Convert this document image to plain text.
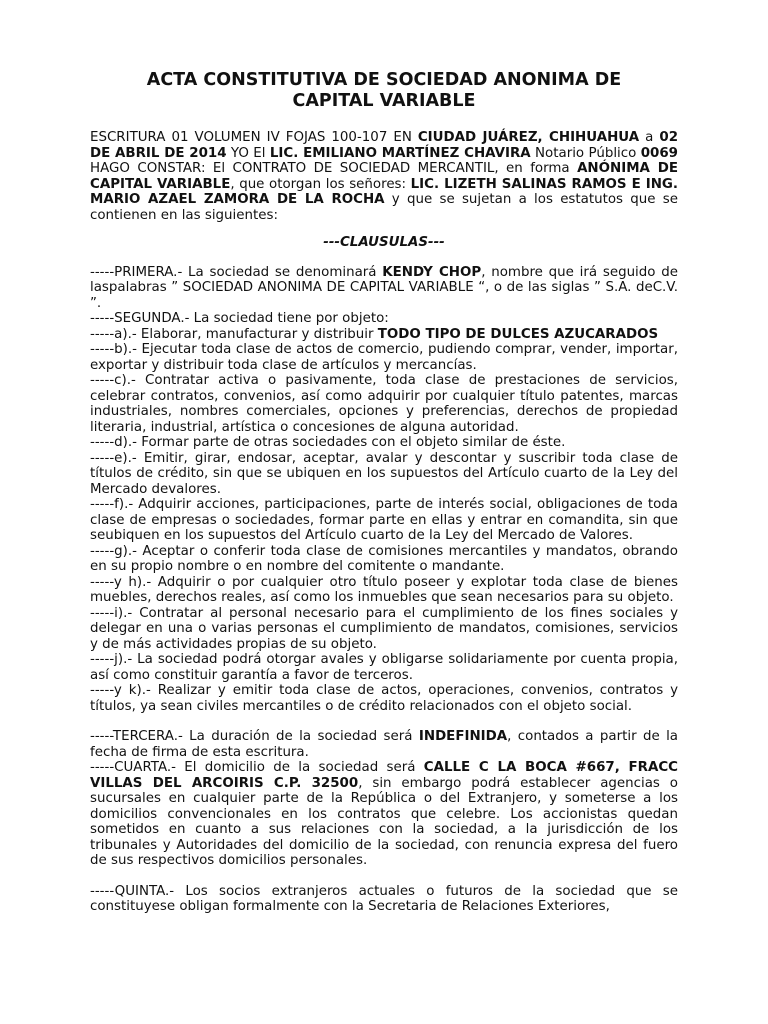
ACTA CONSTITUTIVA DE SOCIEDAD ANONIMA DE
CAPITAL VARIABLE

ESCRITURA 01 VOLUMEN IV FOJAS 100-107 EN CIUDAD JUÁREZ, CHIHUAHUA a 02 DE ABRIL DE 2014 YO El LIC. EMILIANO MARTÍNEZ CHAVIRA Notario Público 0069 HAGO CONSTAR: El CONTRATO DE SOCIEDAD MERCANTIL, en forma ANÓNIMA DE CAPITAL VARIABLE, que otorgan los señores: LIC. LIZETH SALINAS RAMOS E ING. MARIO AZAEL ZAMORA DE LA ROCHA y que se sujetan a los estatutos que se contienen en las siguientes:

---CLAUSULAS---

-----PRIMERA.- La sociedad se denominará KENDY CHOP, nombre que irá seguido de laspalabras ” SOCIEDAD ANONIMA DE CAPITAL VARIABLE “, o de las siglas ” S.A. deC.V. ”.

-----SEGUNDA.- La sociedad tiene por objeto:

-----a).- Elaborar, manufacturar y distribuir TODO TIPO DE DULCES AZUCARADOS

-----b).- Ejecutar toda clase de actos de comercio, pudiendo comprar, vender, importar, exportar y distribuir toda clase de artículos y mercancías.

-----c).- Contratar activa o pasivamente, toda clase de prestaciones de servicios, celebrar contratos, convenios, así como adquirir por cualquier título patentes, marcas industriales, nombres comerciales, opciones y preferencias, derechos de propiedad literaria, industrial, artística o concesiones de alguna autoridad.

-----d).- Formar parte de otras sociedades con el objeto similar de éste.

-----e).- Emitir, girar, endosar, aceptar, avalar y descontar y suscribir toda clase de títulos de crédito, sin que se ubiquen en los supuestos del Artículo cuarto de la Ley del Mercado devalores.

-----f).- Adquirir acciones, participaciones, parte de interés social, obligaciones de toda clase de empresas o sociedades, formar parte en ellas y entrar en comandita, sin que seubiquen en los supuestos del Artículo cuarto de la Ley del Mercado de Valores.

-----g).- Aceptar o conferir toda clase de comisiones mercantiles y mandatos, obrando en su propio nombre o en nombre del comitente o mandante.

-----y h).- Adquirir o por cualquier otro título poseer y explotar toda clase de bienes muebles, derechos reales, así como los inmuebles que sean necesarios para su objeto.

-----i).- Contratar al personal necesario para el cumplimiento de los fines sociales y delegar en una o varias personas el cumplimiento de mandatos, comisiones, servicios y de más actividades propias de su objeto.

-----j).- La sociedad podrá otorgar avales y obligarse solidariamente por cuenta propia, así como constituir garantía a favor de terceros.

-----y k).- Realizar y emitir toda clase de actos, operaciones, convenios, contratos y títulos, ya sean civiles mercantiles o de crédito relacionados con el objeto social.

-----TERCERA.- La duración de la sociedad será INDEFINIDA, contados a partir de la fecha de firma de esta escritura.

-----CUARTA.- El domicilio de la sociedad será CALLE C LA BOCA #667, FRACC VILLAS DEL ARCOIRIS C.P. 32500, sin embargo podrá establecer agencias o sucursales en cualquier parte de la República o del Extranjero, y someterse a los domicilios convencionales en los contratos que celebre. Los accionistas quedan sometidos en cuanto a sus relaciones con la sociedad, a la jurisdicción de los tribunales y Autoridades del domicilio de la sociedad, con renuncia expresa del fuero de sus respectivos domicilios personales.

-----QUINTA.- Los socios extranjeros actuales o futuros de la sociedad que se constituyese obligan formalmente con la Secretaria de Relaciones Exteriores,
